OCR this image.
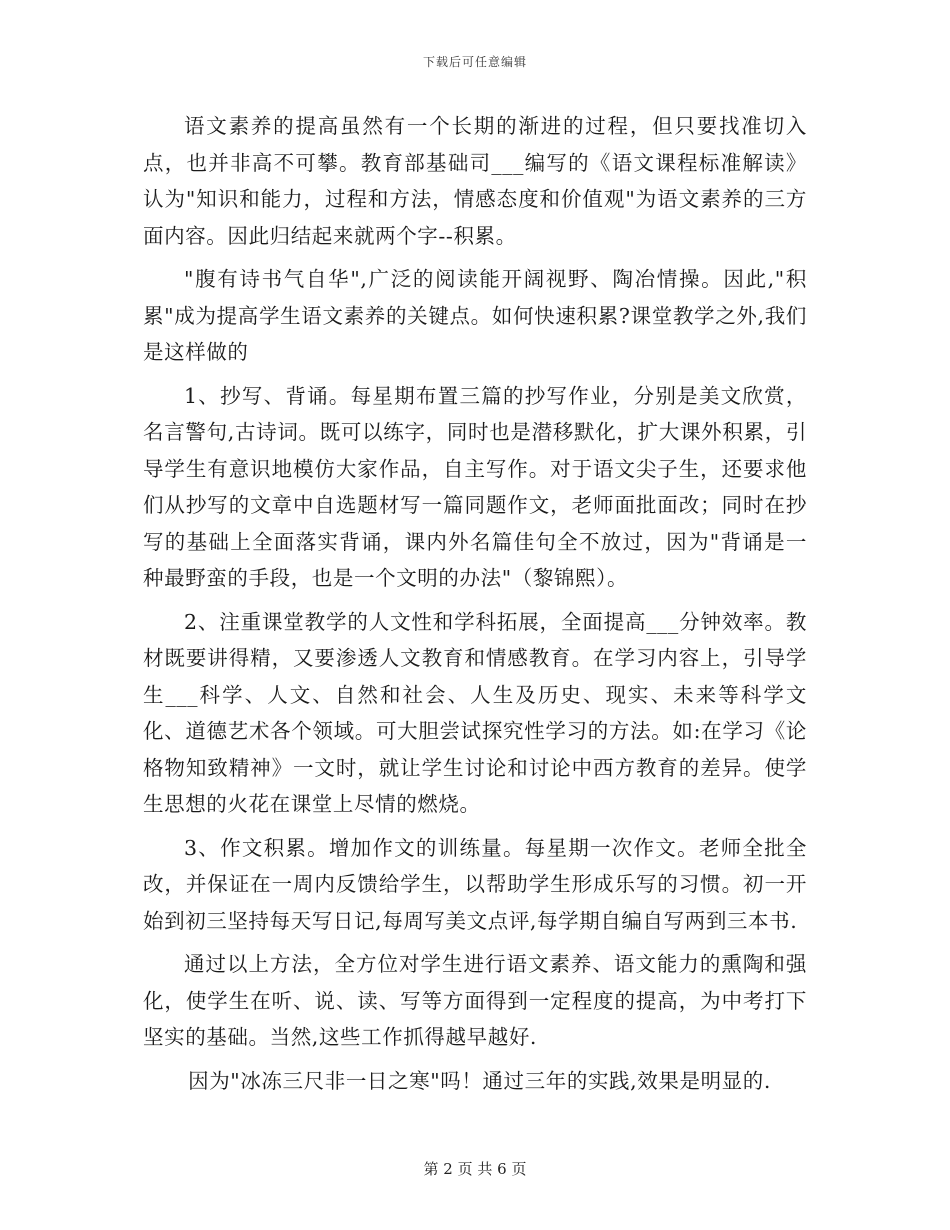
下载后可任意编辑

语文素养的提高虽然有一个长期的渐进的过程，但只要找准切入点，也并非高不可攀。教育部基础司___编写的《语文课程标准解读》认为"知识和能力，过程和方法，情感态度和价值观"为语文素养的三方面内容。因此归结起来就两个字--积累。

"腹有诗书气自华",广泛的阅读能开阔视野、陶冶情操。因此,"积累"成为提高学生语文素养的关键点。如何快速积累?课堂教学之外,我们是这样做的

1、抄写、背诵。每星期布置三篇的抄写作业，分别是美文欣赏，名言警句,古诗词。既可以练字，同时也是潜移默化，扩大课外积累，引导学生有意识地模仿大家作品，自主写作。对于语文尖子生，还要求他们从抄写的文章中自选题材写一篇同题作文，老师面批面改；同时在抄写的基础上全面落实背诵，课内外名篇佳句全不放过，因为"背诵是一种最野蛮的手段，也是一个文明的办法"（黎锦熙）。

2、注重课堂教学的人文性和学科拓展，全面提高___分钟效率。教材既要讲得精，又要渗透人文教育和情感教育。在学习内容上，引导学生___科学、人文、自然和社会、人生及历史、现实、未来等科学文化、道德艺术各个领域。可大胆尝试探究性学习的方法。如:在学习《论格物知致精神》一文时，就让学生讨论和讨论中西方教育的差异。使学生思想的火花在课堂上尽情的燃烧。

3、作文积累。增加作文的训练量。每星期一次作文。老师全批全改，并保证在一周内反馈给学生，以帮助学生形成乐写的习惯。初一开始到初三坚持每天写日记,每周写美文点评,每学期自编自写两到三本书.

通过以上方法，全方位对学生进行语文素养、语文能力的熏陶和强化，使学生在听、说、读、写等方面得到一定程度的提高，为中考打下坚实的基础。当然,这些工作抓得越早越好.

因为"冰冻三尺非一日之寒"吗！通过三年的实践,效果是明显的.

第 2 页 共 6 页
